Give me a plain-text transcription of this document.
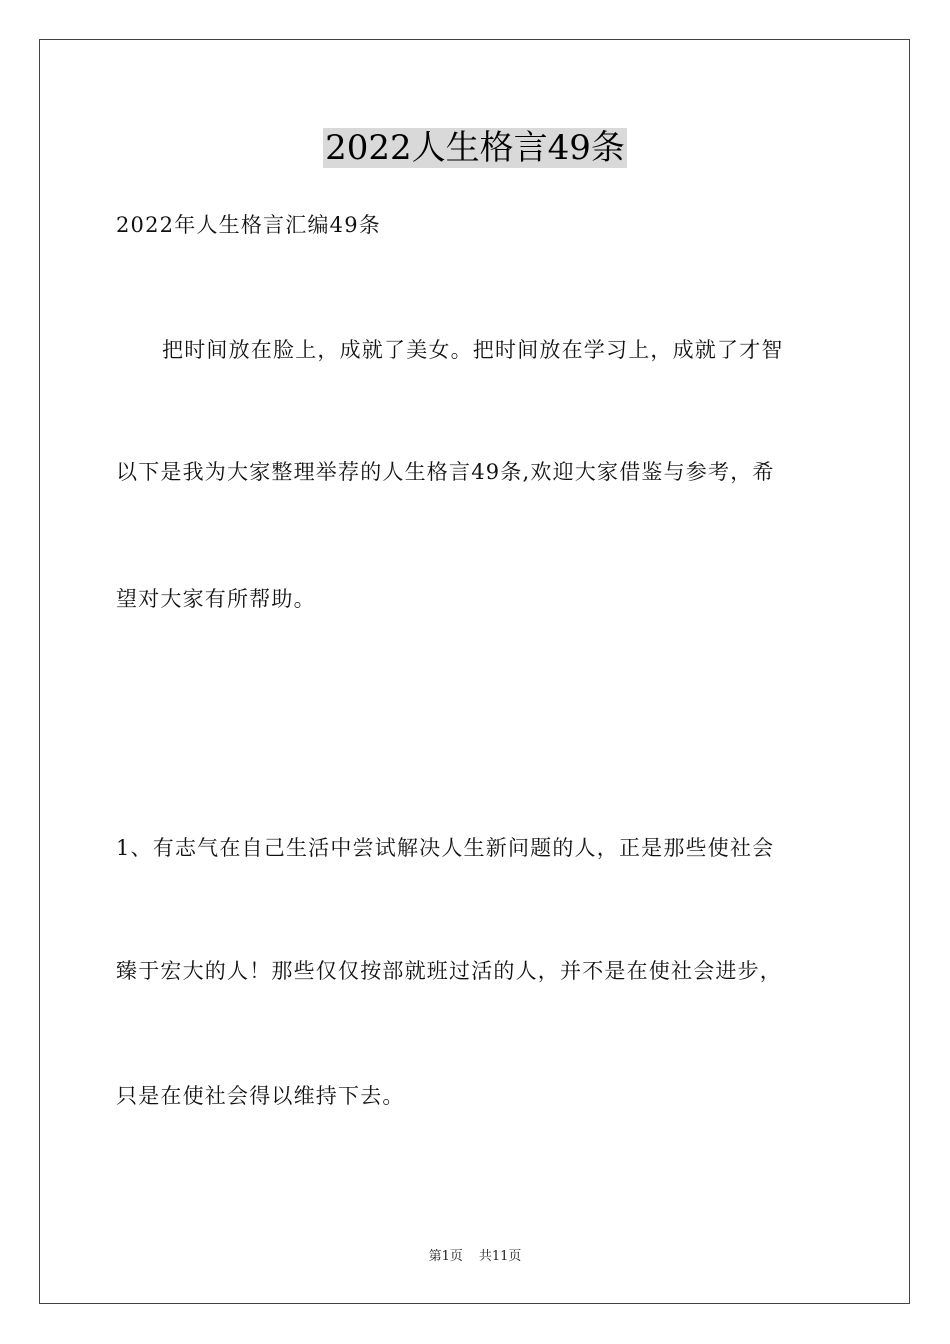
2022人生格言49条
2022年人生格言汇编49条
把时间放在脸上，成就了美女。把时间放在学习上，成就了才智
以下是我为大家整理举荐的人生格言49条,欢迎大家借鉴与参考，希
望对大家有所帮助。
1、有志气在自己生活中尝试解决人生新问题的人，正是那些使社会
臻于宏大的人！那些仅仅按部就班过活的人，并不是在使社会进步，
只是在使社会得以维持下去。
第1页 共11页
